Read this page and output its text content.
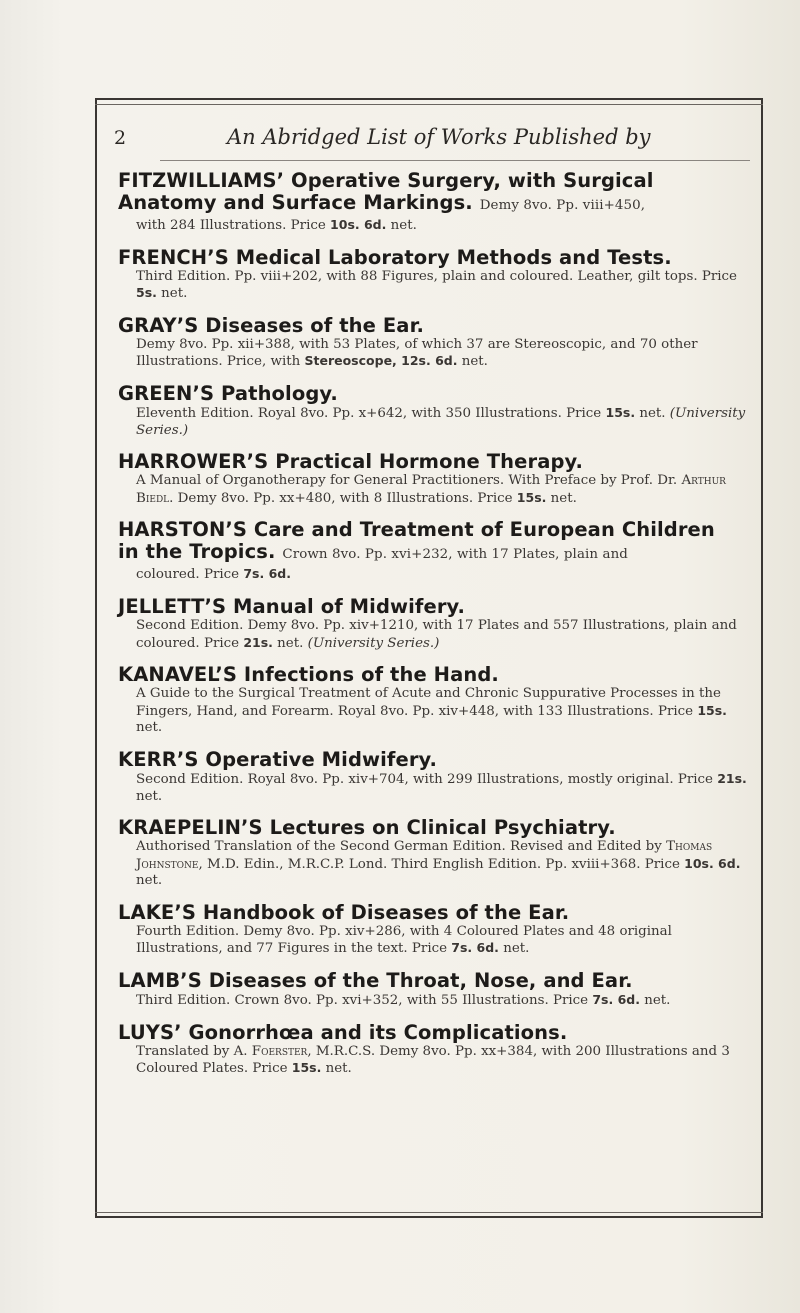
2	An Abridged List of Works Published by
FITZWILLIAMS’ Operative Surgery, with Surgical
Anatomy and Surface Markings. Demy 8vo. Pp. viii+450,
with 284 Illustrations. Price 10s. 6d. net.
FRENCH’S Medical Laboratory Methods and Tests.
Third Edition. Pp. viii+202, with 88 Figures, plain and coloured. Leather, gilt tops. Price 5s. net.
GRAY’S Diseases of the Ear.
Demy 8vo. Pp. xii+388, with 53 Plates, of which 37 are Stereoscopic, and 70 other Illustrations. Price, with Stereoscope, 12s. 6d. net.
GREEN’S Pathology.
Eleventh Edition. Royal 8vo. Pp. x+642, with 350 Illustrations. Price 15s. net. (University Series.)
HARROWER’S Practical Hormone Therapy.
A Manual of Organotherapy for General Practitioners. With Preface by Prof. Dr. Arthur Biedl. Demy 8vo. Pp. xx+480, with 8 Illustrations. Price 15s. net.
HARSTON’S Care and Treatment of European Children
in the Tropics. Crown 8vo. Pp. xvi+232, with 17 Plates, plain and
coloured. Price 7s. 6d.
JELLETT’S Manual of Midwifery.
Second Edition. Demy 8vo. Pp. xiv+1210, with 17 Plates and 557 Illustrations, plain and coloured. Price 21s. net. (University Series.)
KANAVEL’S Infections of the Hand.
A Guide to the Surgical Treatment of Acute and Chronic Suppurative Processes in the Fingers, Hand, and Forearm. Royal 8vo. Pp. xiv+448, with 133 Illustrations. Price 15s. net.
KERR’S Operative Midwifery.
Second Edition. Royal 8vo. Pp. xiv+704, with 299 Illustrations, mostly original. Price 21s. net.
KRAEPELIN’S Lectures on Clinical Psychiatry.
Authorised Translation of the Second German Edition. Revised and Edited by Thomas Johnstone, M.D. Edin., M.R.C.P. Lond. Third English Edition. Pp. xviii+368. Price 10s. 6d. net.
LAKE’S Handbook of Diseases of the Ear.
Fourth Edition. Demy 8vo. Pp. xiv+286, with 4 Coloured Plates and 48 original Illustrations, and 77 Figures in the text. Price 7s. 6d. net.
LAMB’S Diseases of the Throat, Nose, and Ear.
Third Edition. Crown 8vo. Pp. xvi+352, with 55 Illustrations. Price 7s. 6d. net.
LUYS’ Gonorrhœa and its Complications.
Translated by A. Foerster, M.R.C.S. Demy 8vo. Pp. xx+384, with 200 Illustrations and 3 Coloured Plates. Price 15s. net.
